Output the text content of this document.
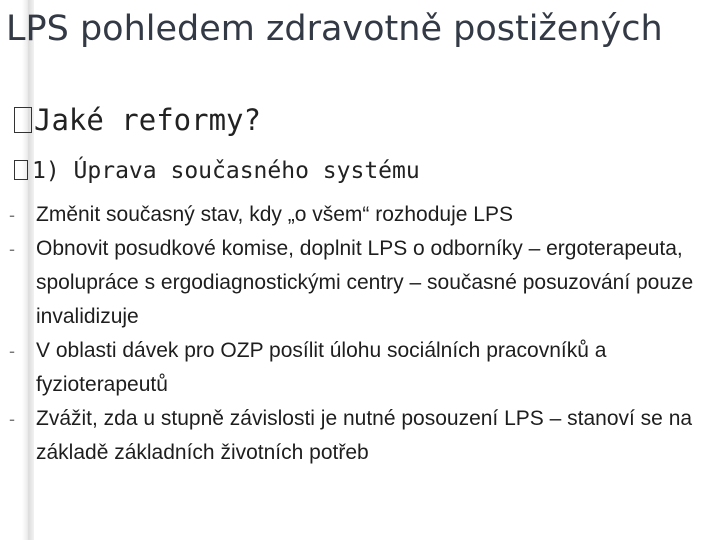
LPS pohledem zdravotně postižených
Jaké reformy?
1) Úprava současného systému
- Změnit současný stav, kdy „o všem“ rozhoduje LPS
- Obnovit posudkové komise, doplnit LPS o odborníky – ergoterapeuta, spolupráce s ergodiagnostickými centry – současné posuzování pouze invalidizuje
- V oblasti dávek pro OZP posílit úlohu sociálních pracovníků a fyzioterapeutů
- Zvážit, zda u stupně závislosti je nutné posouzení LPS – stanoví se na základě základních životních potřeb
